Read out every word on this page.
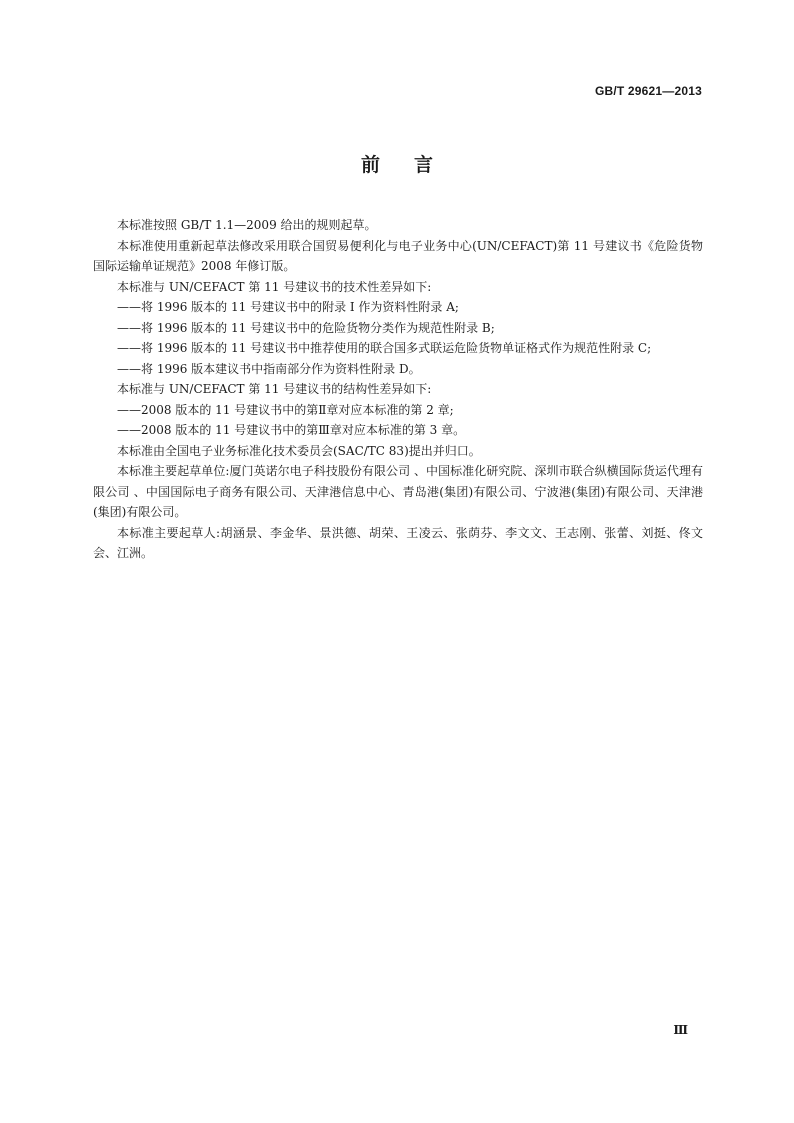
GB/T 29621—2013
前言

本标准按照 GB/T 1.1—2009 给出的规则起草。

本标准使用重新起草法修改采用联合国贸易便利化与电子业务中心(UN/CEFACT)第 11 号建议书《危险货物国际运输单证规范》2008 年修订版。

本标准与 UN/CEFACT 第 11 号建议书的技术性差异如下:

——将 1996 版本的 11 号建议书中的附录 I 作为资料性附录 A;

——将 1996 版本的 11 号建议书中的危险货物分类作为规范性附录 B;

——将 1996 版本的 11 号建议书中推荐使用的联合国多式联运危险货物单证格式作为规范性附录 C;

——将 1996 版本建议书中指南部分作为资料性附录 D。

本标准与 UN/CEFACT 第 11 号建议书的结构性差异如下:

——2008 版本的 11 号建议书中的第Ⅱ章对应本标准的第 2 章;

——2008 版本的 11 号建议书中的第Ⅲ章对应本标准的第 3 章。

本标准由全国电子业务标准化技术委员会(SAC/TC 83)提出并归口。

本标准主要起草单位:厦门英诺尔电子科技股份有限公司 、中国标准化研究院、深圳市联合纵横国际货运代理有限公司 、中国国际电子商务有限公司、天津港信息中心、青岛港(集团)有限公司、宁波港(集团)有限公司、天津港(集团)有限公司。

本标准主要起草人:胡涵景、李金华、景洪德、胡荣、王凌云、张荫芬、李文文、王志刚、张蕾、刘挺、佟文会、江洲。

Ⅲ
